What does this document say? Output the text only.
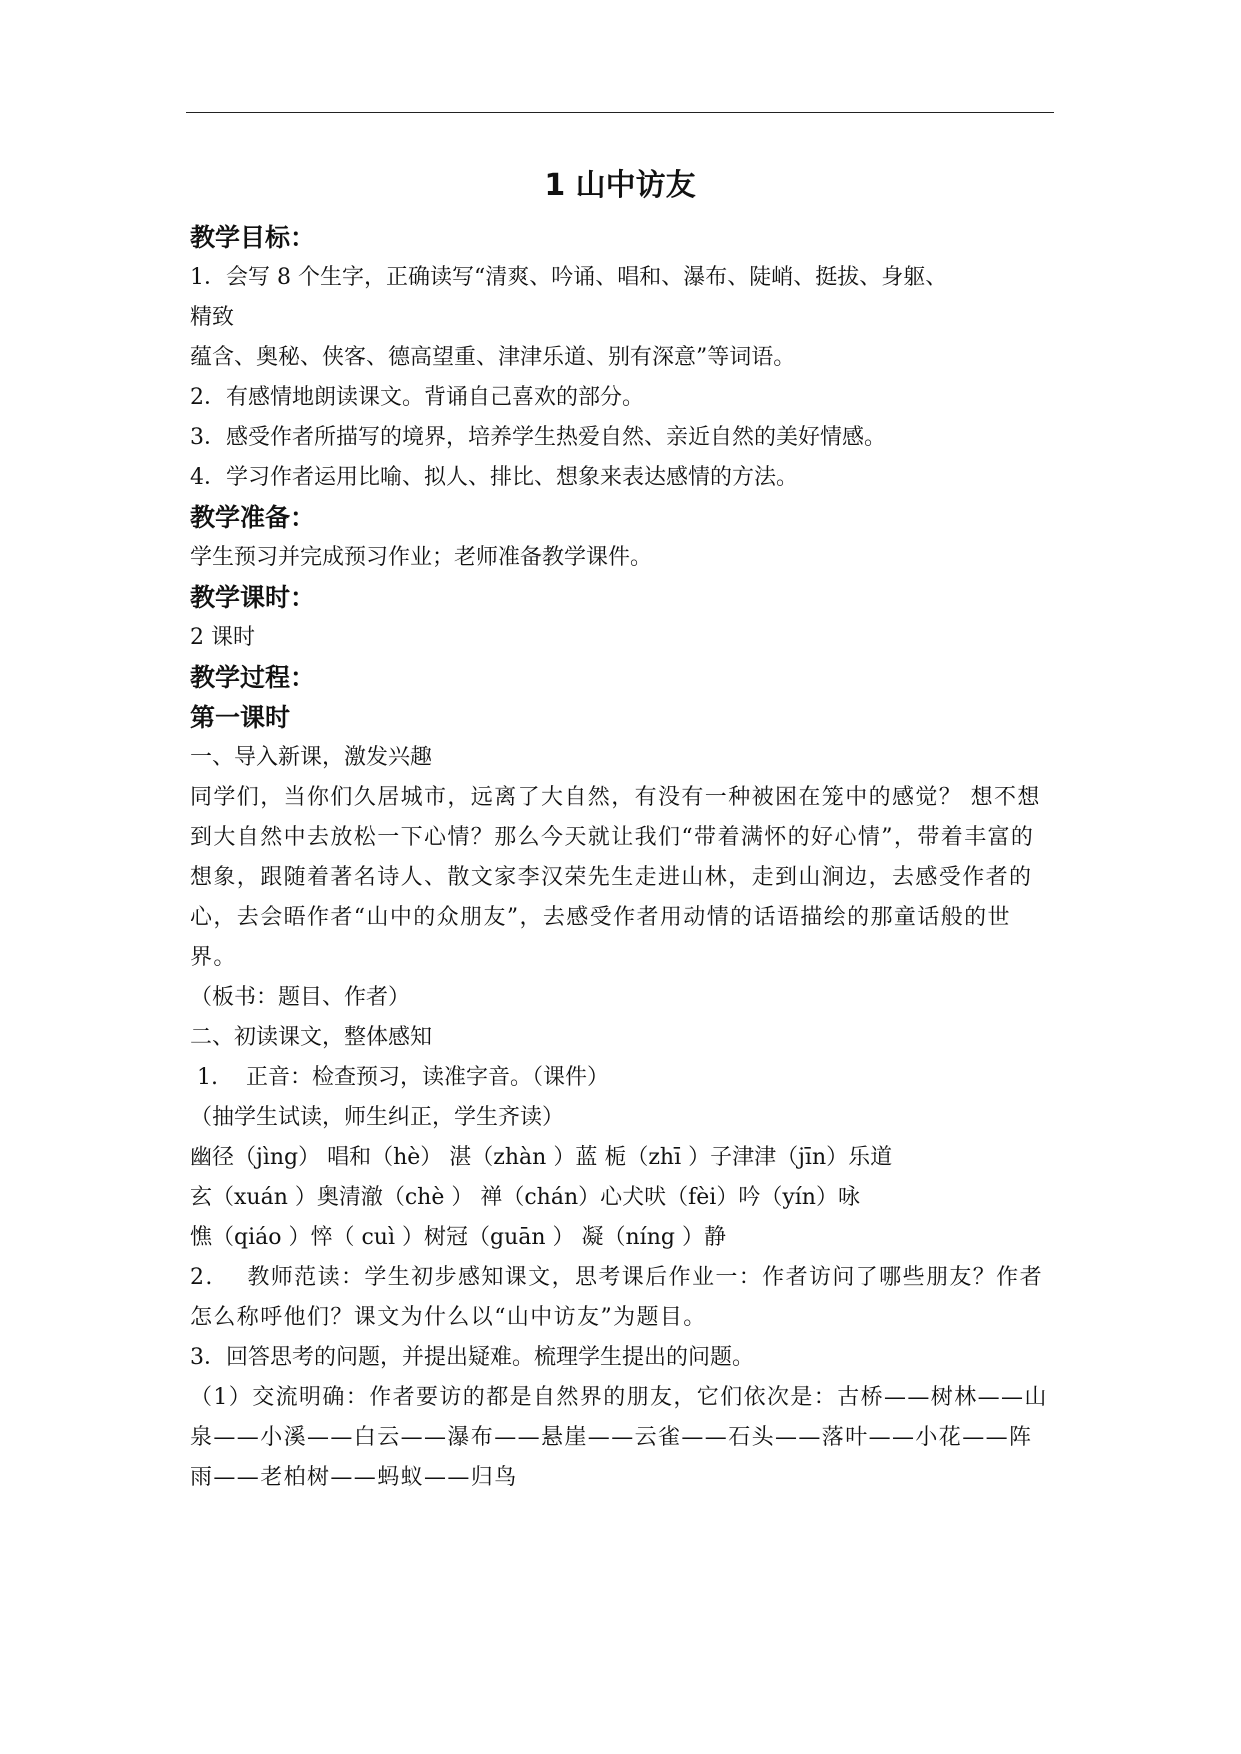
1 山中访友
教学目标：
1．会写 8 个生字，正确读写“清爽、吟诵、唱和、瀑布、陡峭、挺拔、身躯、
精致
蕴含、奥秘、侠客、德高望重、津津乐道、别有深意”等词语。
2．有感情地朗读课文。背诵自己喜欢的部分。
3．感受作者所描写的境界，培养学生热爱自然、亲近自然的美好情感。
4．学习作者运用比喻、拟人、排比、想象来表达感情的方法。
教学准备：
学生预习并完成预习作业；老师准备教学课件。
教学课时：
2 课时
教学过程：
第一课时
一、导入新课，激发兴趣
同学们，当你们久居城市，远离了大自然，有没有一种被困在笼中的感觉？ 想不想到大自然中去放松一下心情？那么今天就让我们“带着满怀的好心情”，带着丰富的想象，跟随着著名诗人、散文家李汉荣先生走进山林，走到山涧边，去感受作者的心，去会晤作者“山中的众朋友”，去感受作者用动情的话语描绘的那童话般的世界。
（板书：题目、作者）
二、初读课文，整体感知
1.    正音：检查预习，读准字音。（课件）
（抽学生试读，师生纠正，学生齐读）
幽径（jìng） 唱和（hè） 湛（zhàn ）蓝 栀（zhī ）子津津（jīn）乐道
玄（xuán ）奥清澈（chè ） 禅（chán）心犬吠（fèi）吟（yín）咏
憔（qiáo ）悴（ cuì ）树冠（guān ） 凝（níng ）静
2.    教师范读：学生初步感知课文，思考课后作业一：作者访问了哪些朋友？作者怎么称呼他们？课文为什么以“山中访友”为题目。
3．回答思考的问题，并提出疑难。梳理学生提出的问题。
（1）交流明确：作者要访的都是自然界的朋友，它们依次是：古桥——树林——山泉——小溪——白云——瀑布——悬崖——云雀——石头——落叶——小花——阵雨——老柏树——蚂蚁——归鸟
